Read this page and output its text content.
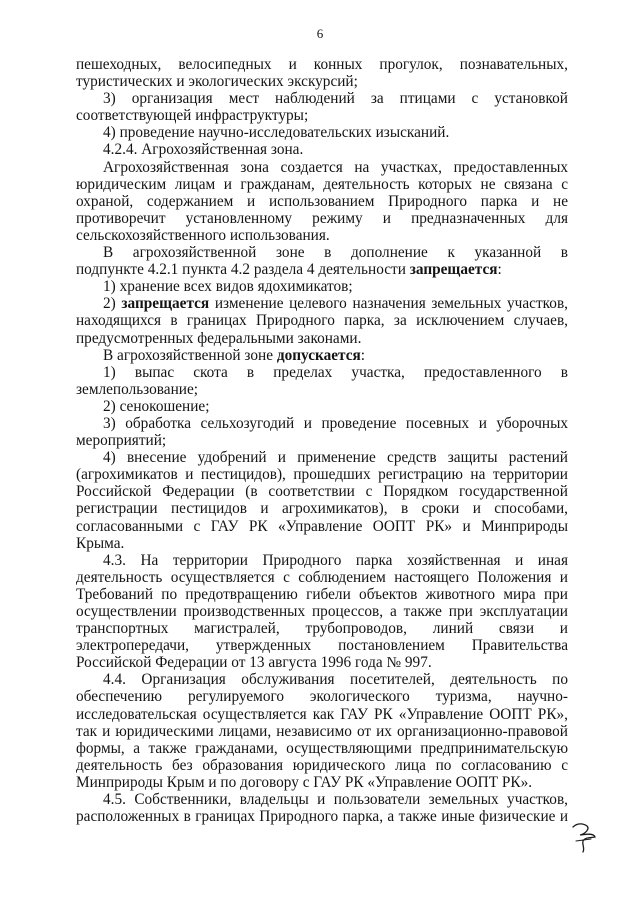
6
пешеходных, велосипедных и конных прогулок, познавательных,
туристических и экологических экскурсий;
3) организация мест наблюдений за птицами с установкой
соответствующей инфраструктуры;
4) проведение научно-исследовательских изысканий.
4.2.4. Агрохозяйственная зона.
Агрохозяйственная зона создается на участках, предоставленных
юридическим лицам и гражданам, деятельность которых не связана с
охраной, содержанием и использованием Природного парка и не
противоречит установленному режиму и предназначенных для
сельскохозяйственного использования.
В агрохозяйственной зоне в дополнение к указанной в
подпункте 4.2.1 пункта 4.2 раздела 4 деятельности запрещается:
1) хранение всех видов ядохимикатов;
2) запрещается изменение целевого назначения земельных участков,
находящихся в границах Природного парка, за исключением случаев,
предусмотренных федеральными законами.
В агрохозяйственной зоне допускается:
1) выпас скота в пределах участка, предоставленного в
землепользование;
2) сенокошение;
3) обработка сельхозугодий и проведение посевных и уборочных
мероприятий;
4) внесение удобрений и применение средств защиты растений
(агрохимикатов и пестицидов), прошедших регистрацию на территории
Российской Федерации (в соответствии с Порядком государственной
регистрации пестицидов и агрохимикатов), в сроки и способами,
согласованными с ГАУ РК «Управление ООПТ РК» и Минприроды
Крыма.
4.3. На территории Природного парка хозяйственная и иная
деятельность осуществляется с соблюдением настоящего Положения и
Требований по предотвращению гибели объектов животного мира при
осуществлении производственных процессов, а также при эксплуатации
транспортных магистралей, трубопроводов, линий связи и
электропередачи, утвержденных постановлением Правительства
Российской Федерации от 13 августа 1996 года № 997.
4.4. Организация обслуживания посетителей, деятельность по
обеспечению регулируемого экологического туризма, научно-
исследовательская осуществляется как ГАУ РК «Управление ООПТ РК»,
так и юридическими лицами, независимо от их организационно-правовой
формы, а также гражданами, осуществляющими предпринимательскую
деятельность без образования юридического лица по согласованию с
Минприроды Крым и по договору с ГАУ РК «Управление ООПТ РК».
4.5. Собственники, владельцы и пользователи земельных участков,
расположенных в границах Природного парка, а также иные физические и
